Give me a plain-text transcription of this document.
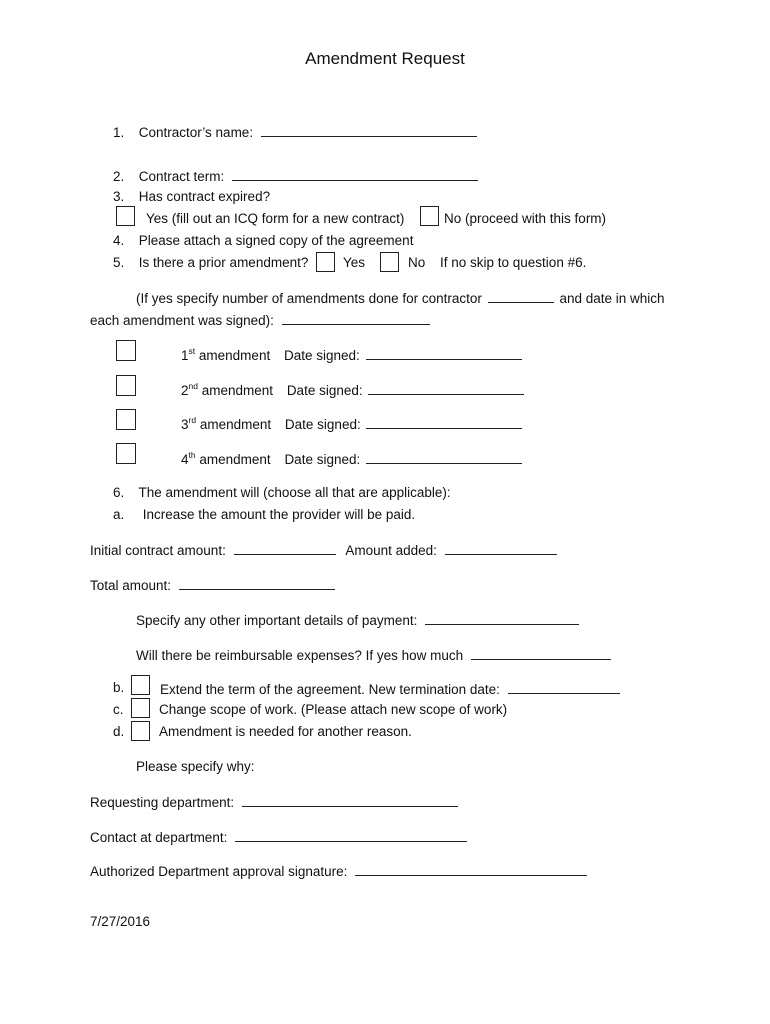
Amendment Request
1. Contractor’s name:
2. Contract term:
3. Has contract expired?
Yes (fill out an ICQ form for a new contract)	No (proceed with this form)
4. Please attach a signed copy of the agreement
5. Is there a prior amendment?	Yes	No If no skip to question #6.
(If yes specify number of amendments done for contractor	and date in which
each amendment was signed):
1st amendment Date signed:
2nd amendment Date signed:
3rd amendment Date signed:
4th amendment Date signed:
6. The amendment will (choose all that are applicable):
a. Increase the amount the provider will be paid.
Initial contract amount:	Amount added:
Total amount:
Specify any other important details of payment:
Will there be reimbursable expenses? If yes how much
b.	Extend the term of the agreement. New termination date:
c.	Change scope of work. (Please attach new scope of work)
d.	Amendment is needed for another reason.
Please specify why:
Requesting department:
Contact at department:
Authorized Department approval signature:
7/27/2016
